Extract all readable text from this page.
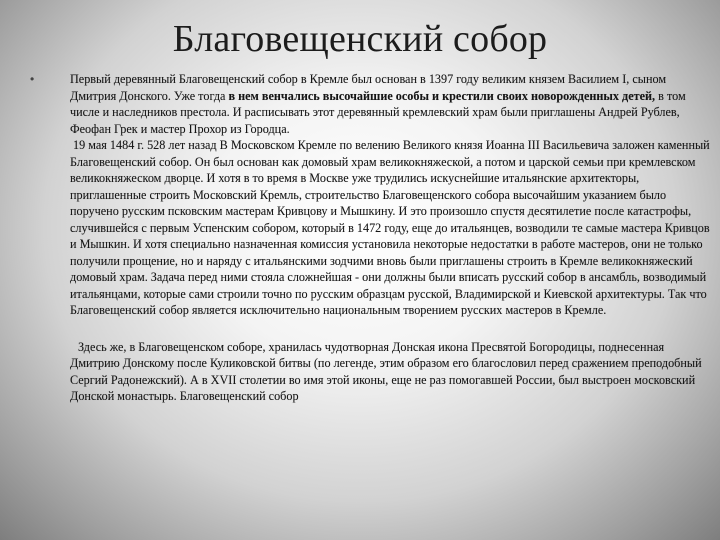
Благовещенский собор
•	Первый деревянный Благовещенский собор в Кремле был основан в 1397 году великим князем Василием I, сыном Дмитрия Донского. Уже тогда в нем венчались высочайшие особы и крестили своих новорожденных детей, в том числе и наследников престола. И расписывать этот деревянный кремлевский храм были приглашены Андрей Рублев, Феофан Грек и мастер Прохор из Городца.

19 мая 1484 г. 528 лет назад В Московском Кремле по велению Великого князя Иоанна III Васильевича заложен каменный Благовещенский собор. Он был основан как домовый храм великокняжеской, а потом и царской семьи при кремлевском великокняжеском дворце. И хотя в то время в Москве уже трудились искуснейшие итальянские архитекторы, приглашенные строить Московский Кремль, строительство Благовещенского собора высочайшим указанием было поручено русским псковским мастерам Кривцову и Мышкину. И это произошло спустя десятилетие после катастрофы, случившейся с первым Успенским собором, который в 1472 году, еще до итальянцев, возводили те самые мастера Кривцов и Мышкин. И хотя специально назначенная комиссия установила некоторые недостатки в работе мастеров, они не только получили прощение, но и наряду с итальянскими зодчими вновь были приглашены строить в Кремле великокняжеский домовый храм. Задача перед ними стояла сложнейшая - они должны были вписать русский собор в ансамбль, возводимый итальянцами, которые сами строили точно по русским образцам русской, Владимирской и Киевской архитектуры. Так что Благовещенский собор является исключительно национальным творением русских мастеров в Кремле.

Здесь же, в Благовещенском соборе, хранилась чудотворная Донская икона Пресвятой Богородицы, поднесенная Дмитрию Донскому после Куликовской битвы (по легенде, этим образом его благословил перед сражением преподобный Сергий Радонежский). А в XVII столетии во имя этой иконы, еще не раз помогавшей России, был выстроен московский Донской монастырь. Благовещенский собор
